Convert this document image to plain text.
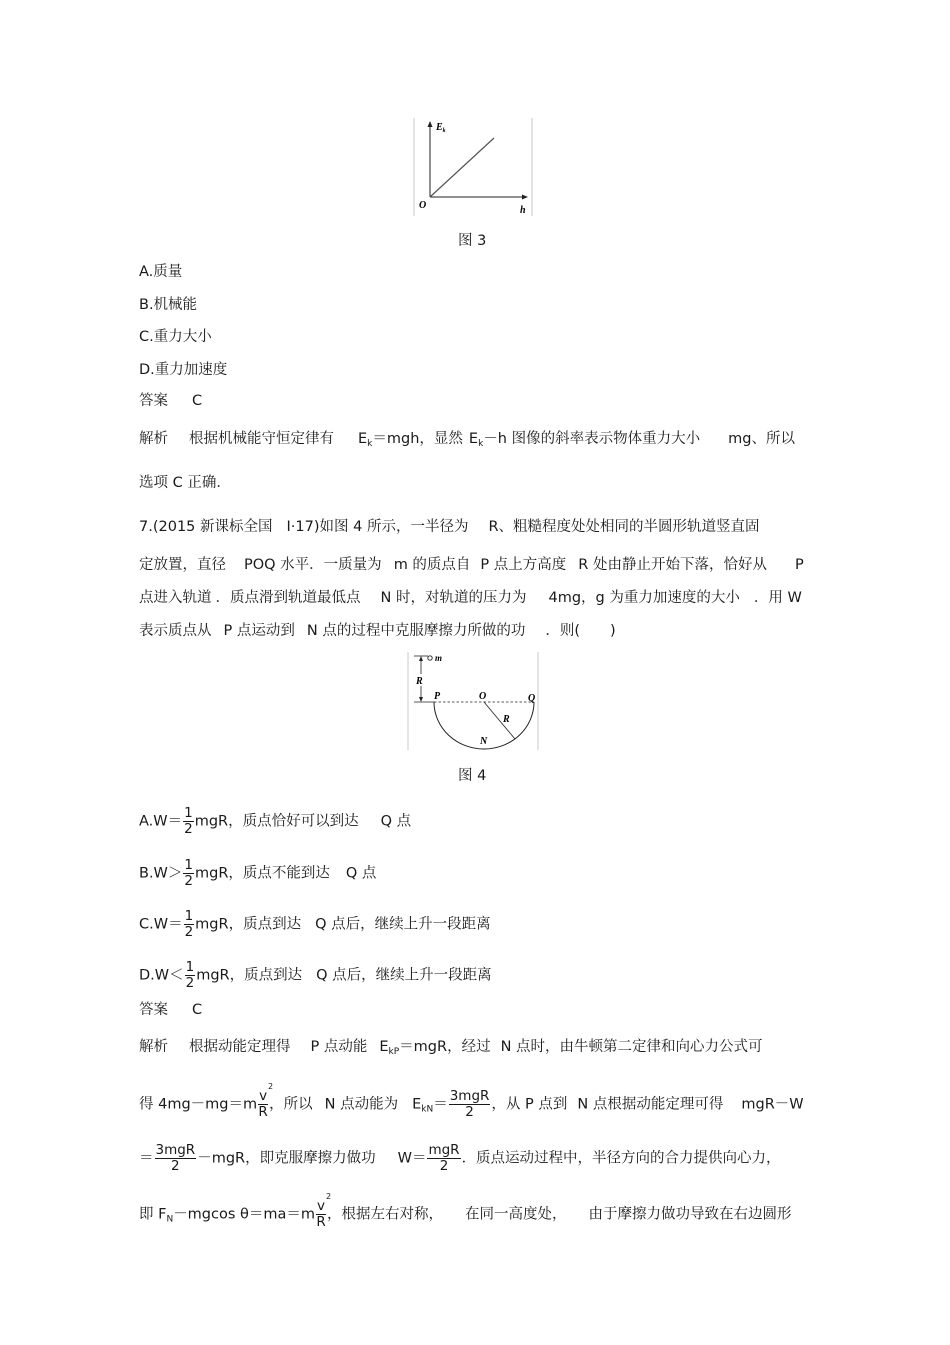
$E_k$
O	h
图 3
A.质量
B.机械能
C.重力大小
D.重力加速度
答案 C
解析 根据机械能守恒定律有 $E_k=mgh$，显然 $E_k-h$ 图像的斜率表示物体重力大小 mg、所以
选项 C 正确．
7.(2015 新课标全国 Ⅰ·17)如图 4 所示，一半径为 R、粗糙程度处处相同的半圆形轨道竖直固
定放置，直径 POQ 水平．一质量为 m 的质点自 P 点上方高度 R 处由静止开始下落，恰好从 P
点进入轨道 ．质点滑到轨道最低点 N 时，对轨道的压力为 4mg，g 为重力加速度的大小 ．用 W
表示质点从 P 点运动到 N 点的过程中克服摩擦力所做的功 ．则( )
m
R
P	O	Q
R
N
图 4
$A.W= \frac{1}{2}$ mgR，质点恰好可以到达 Q 点
$B.W> \frac{1}{2}$ mgR，质点不能到达 Q 点
$C.W= \frac{1}{2}$ mgR，质点到达 Q 点后，继续上升一段距离
$D.W< \frac{1}{2}$ mgR，质点到达 Q 点后，继续上升一段距离
答案 C
解析 根据动能定理得 P 点动能 $E_{kP}=mgR$，经过 N 点时，由牛顿第二定律和向心力公式可
得 4mg－mg＝m v
2
R ，所以 N 点动能为 $E_{kN}= \frac{\text{3mgR}}{2}$ ，从 P 点到 N 点根据动能定理可得 mgR－W
＝ $\frac{\text{3mgR}}{2} -mgR$，即克服摩擦力做功 $W= \frac{\text{mgR}}{2}$ ．质点运动过程中，半径方向的合力提供向心力，
即 $F_N-mgcos$ θ＝ma＝m v
2
R ，根据左右对称， 在同一高度处， 由于摩擦力做功导致在右边圆形
